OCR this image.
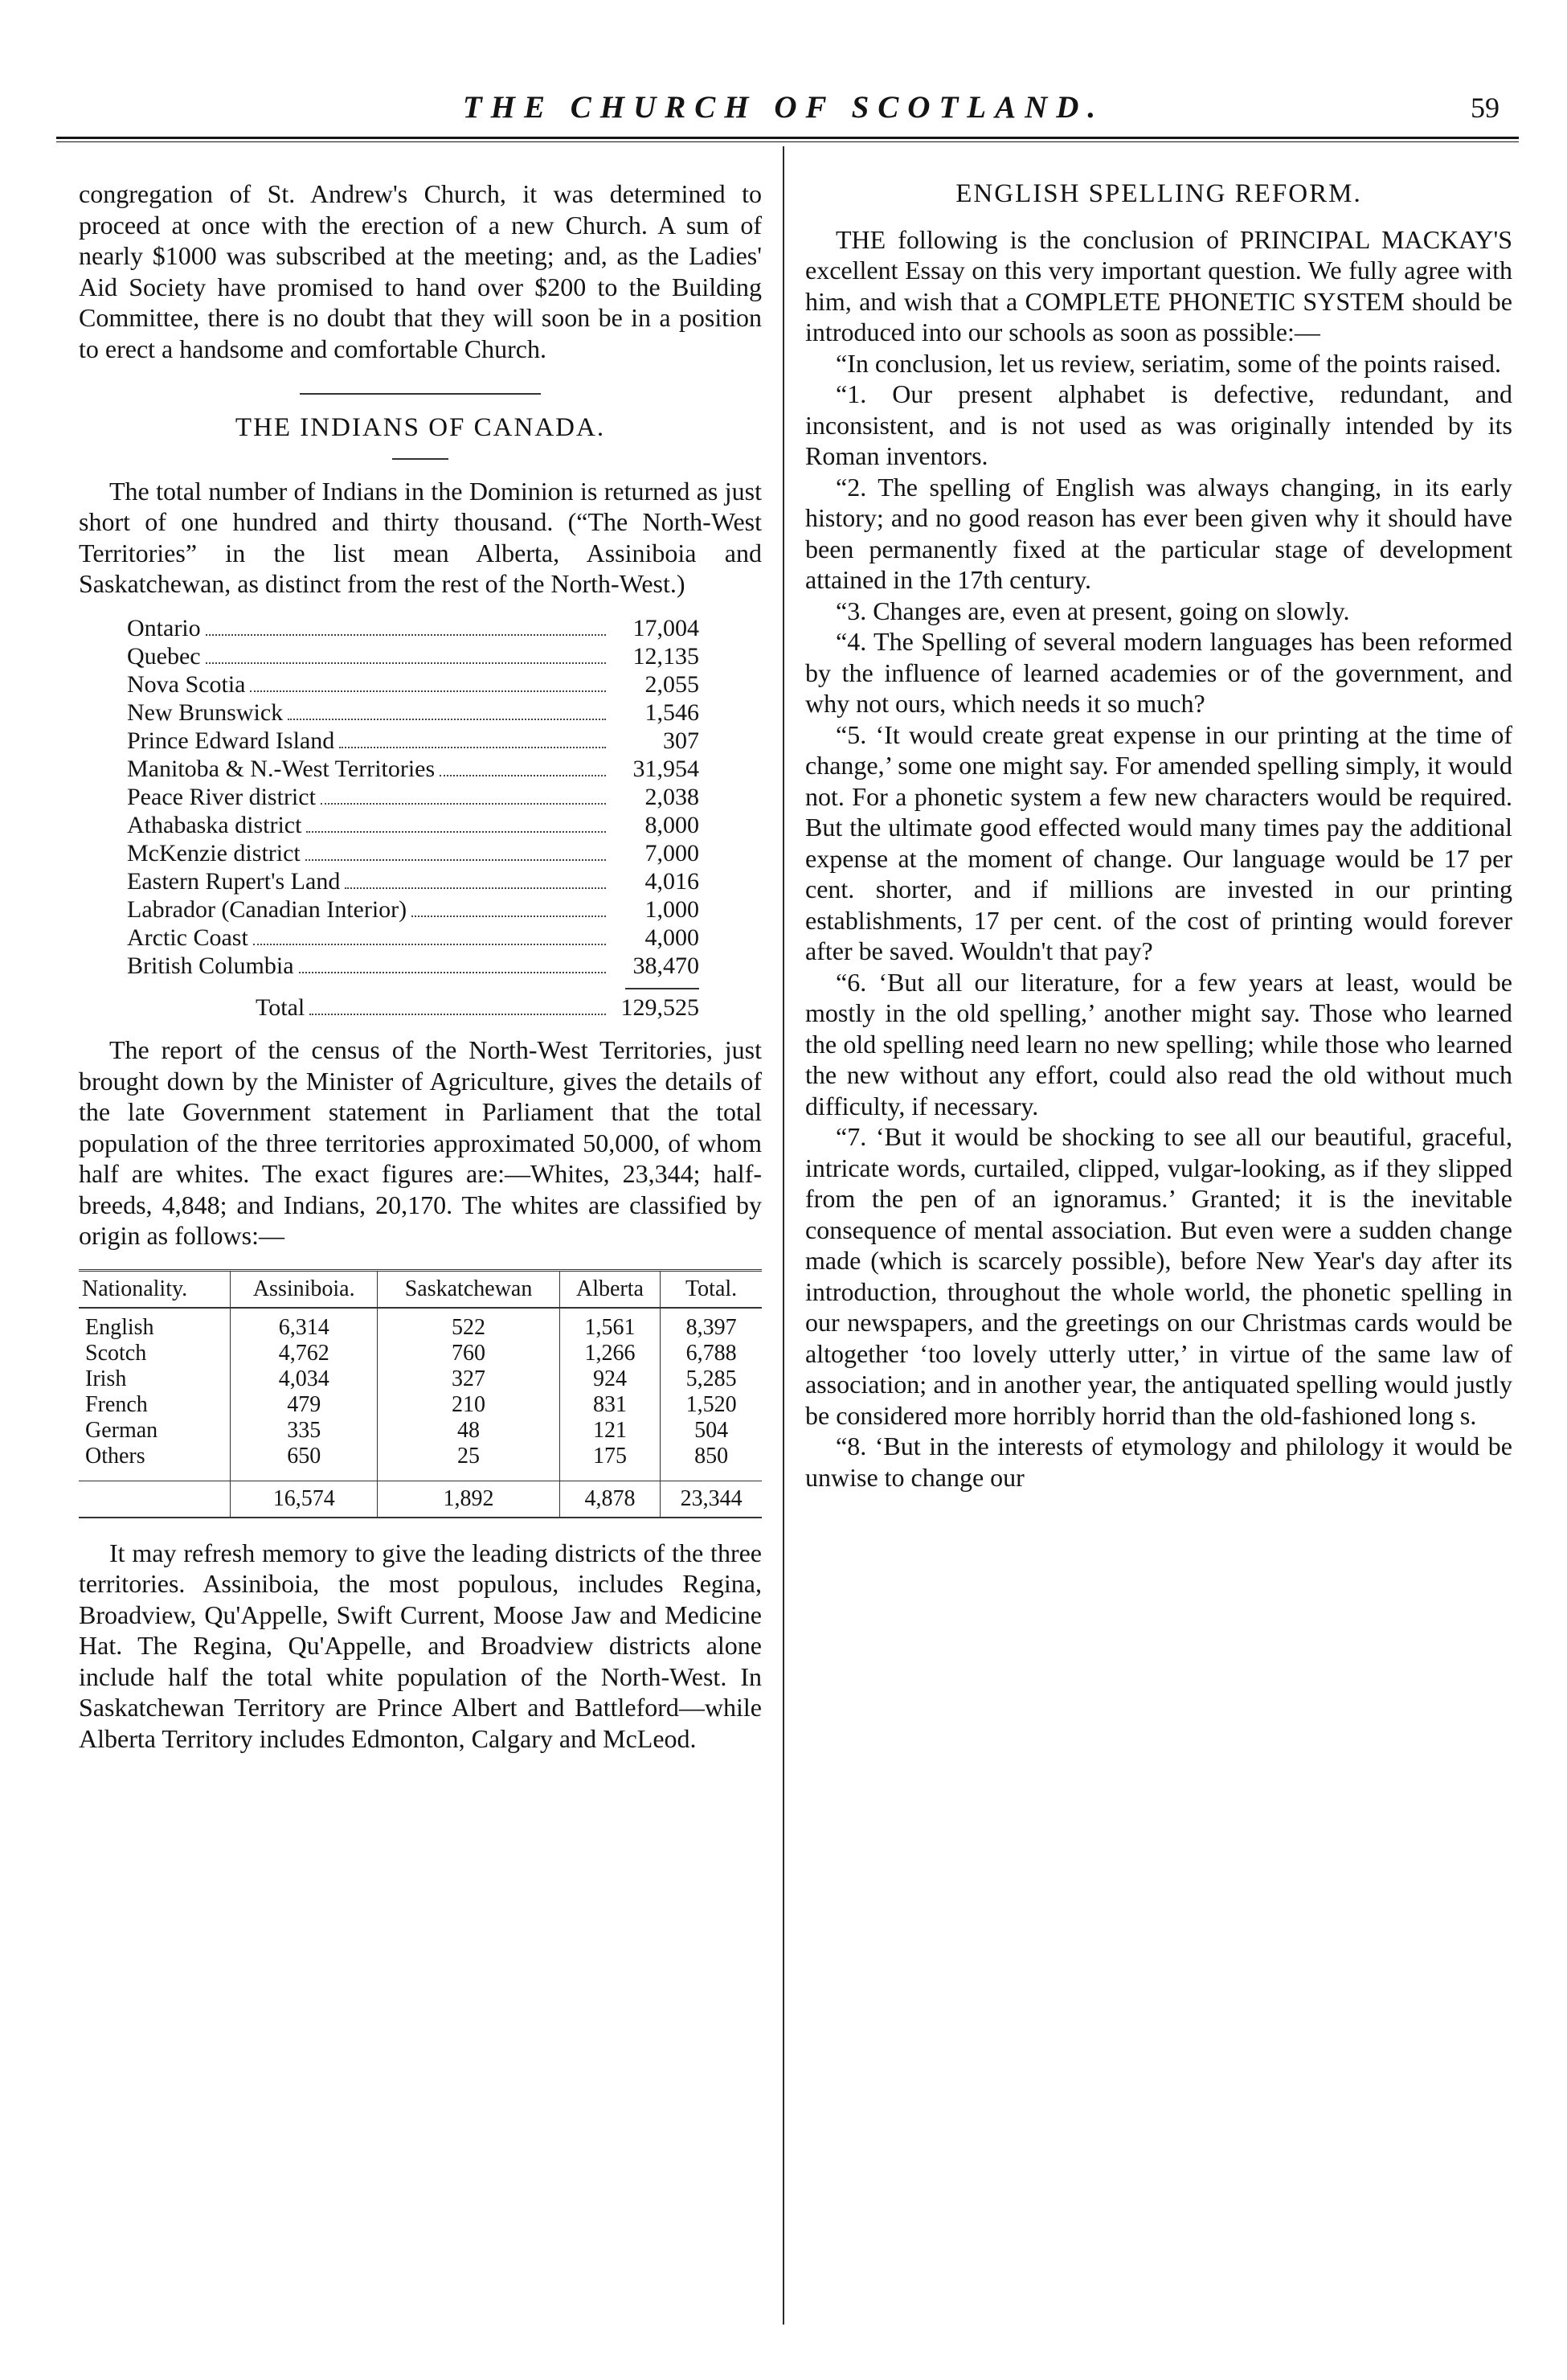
THE CHURCH OF SCOTLAND.	59

congregation of St. Andrew's Church, it was determined to proceed at once with the erection of a new Church. A sum of nearly $1000 was subscribed at the meeting; and, as the Ladies' Aid Society have promised to hand over $200 to the Building Committee, there is no doubt that they will soon be in a position to erect a handsome and comfortable Church.

THE INDIANS OF CANADA.

The total number of Indians in the Dominion is returned as just short of one hundred and thirty thousand. (“The North-West Territories” in the list mean Alberta, Assiniboia and Saskatchewan, as distinct from the rest of the North-West.)

Ontario	17,004
Quebec	12,135
Nova Scotia	2,055
New Brunswick	1,546
Prince Edward Island	307
Manitoba & N.-West Territories	31,954
Peace River district	2,038
Athabaska district	8,000
McKenzie district	7,000
Eastern Rupert's Land	4,016
Labrador (Canadian Interior)	1,000
Arctic Coast	4,000
British Columbia	38,470
Total	129,525

The report of the census of the North-West Territories, just brought down by the Minister of Agriculture, gives the details of the late Government statement in Parliament that the total population of the three territories approximated 50,000, of whom half are whites. The exact figures are:—Whites, 23,344; half-breeds, 4,848; and Indians, 20,170. The whites are classified by origin as follows:—

Nationality.	Assiniboia.	Saskatchewan	Alberta	Total.
English	6,314	522	1,561	8,397
Scotch	4,762	760	1,266	6,788
Irish	4,034	327	924	5,285
French	479	210	831	1,520
German	335	48	121	504
Others	650	25	175	850
	16,574	1,892	4,878	23,344

It may refresh memory to give the leading districts of the three territories. Assiniboia, the most populous, includes Regina, Broadview, Qu'Appelle, Swift Current, Moose Jaw and Medicine Hat. The Regina, Qu'Appelle, and Broadview districts alone include half the total white population of the North-West. In Saskatchewan Territory are Prince Albert and Battleford—while Alberta Territory includes Edmonton, Calgary and McLeod.

ENGLISH SPELLING REFORM.

THE following is the conclusion of PRINCIPAL MACKAY'S excellent Essay on this very important question. We fully agree with him, and wish that a COMPLETE PHONETIC SYSTEM should be introduced into our schools as soon as possible:—

“In conclusion, let us review, seriatim, some of the points raised.

“1. Our present alphabet is defective, redundant, and inconsistent, and is not used as was originally intended by its Roman inventors.

“2. The spelling of English was always changing, in its early history; and no good reason has ever been given why it should have been permanently fixed at the particular stage of development attained in the 17th century.

“3. Changes are, even at present, going on slowly.

“4. The Spelling of several modern languages has been reformed by the influence of learned academies or of the government, and why not ours, which needs it so much?

“5. ‘It would create great expense in our printing at the time of change,’ some one might say. For amended spelling simply, it would not. For a phonetic system a few new characters would be required. But the ultimate good effected would many times pay the additional expense at the moment of change. Our language would be 17 per cent. shorter, and if millions are invested in our printing establishments, 17 per cent. of the cost of printing would forever after be saved. Wouldn't that pay?

“6. ‘But all our literature, for a few years at least, would be mostly in the old spelling,’ another might say. Those who learned the old spelling need learn no new spelling; while those who learned the new without any effort, could also read the old without much difficulty, if necessary.

“7. ‘But it would be shocking to see all our beautiful, graceful, intricate words, curtailed, clipped, vulgar-looking, as if they slipped from the pen of an ignoramus.’ Granted; it is the inevitable consequence of mental association. But even were a sudden change made (which is scarcely possible), before New Year's day after its introduction, throughout the whole world, the phonetic spelling in our newspapers, and the greetings on our Christmas cards would be altogether ‘too lovely utterly utter,’ in virtue of the same law of association; and in another year, the antiquated spelling would justly be considered more horribly horrid than the old-fashioned long s.

“8. ‘But in the interests of etymology and philology it would be unwise to change our
